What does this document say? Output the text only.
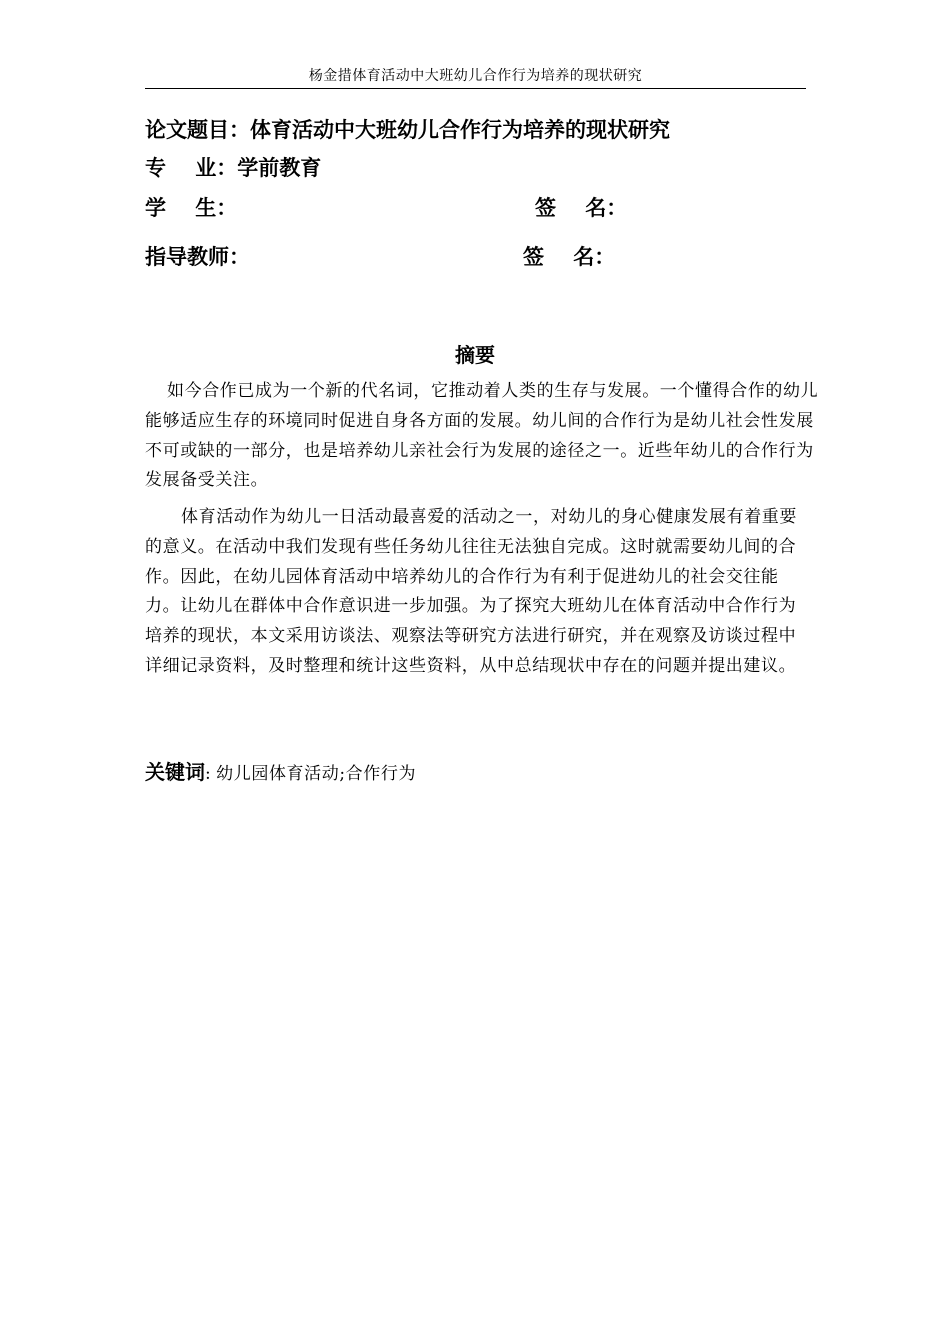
杨金措体育活动中大班幼儿合作行为培养的现状研究
论文题目：体育活动中大班幼儿合作行为培养的现状研究
专    业：学前教育
学    生：	签    名：
指导教师：	签    名：
摘要
如今合作已成为一个新的代名词，它推动着人类的生存与发展。一个懂得合作的幼儿能够适应生存的环境同时促进自身各方面的发展。幼儿间的合作行为是幼儿社会性发展不可或缺的一部分，也是培养幼儿亲社会行为发展的途径之一。近些年幼儿的合作行为发展备受关注。
体育活动作为幼儿一日活动最喜爱的活动之一，对幼儿的身心健康发展有着重要的意义。在活动中我们发现有些任务幼儿往往无法独自完成。这时就需要幼儿间的合作。因此，在幼儿园体育活动中培养幼儿的合作行为有利于促进幼儿的社会交往能力。让幼儿在群体中合作意识进一步加强。为了探究大班幼儿在体育活动中合作行为培养的现状，本文采用访谈法、观察法等研究方法进行研究，并在观察及访谈过程中详细记录资料，及时整理和统计这些资料，从中总结现状中存在的问题并提出建议。
关键词: 幼儿园体育活动;合作行为
